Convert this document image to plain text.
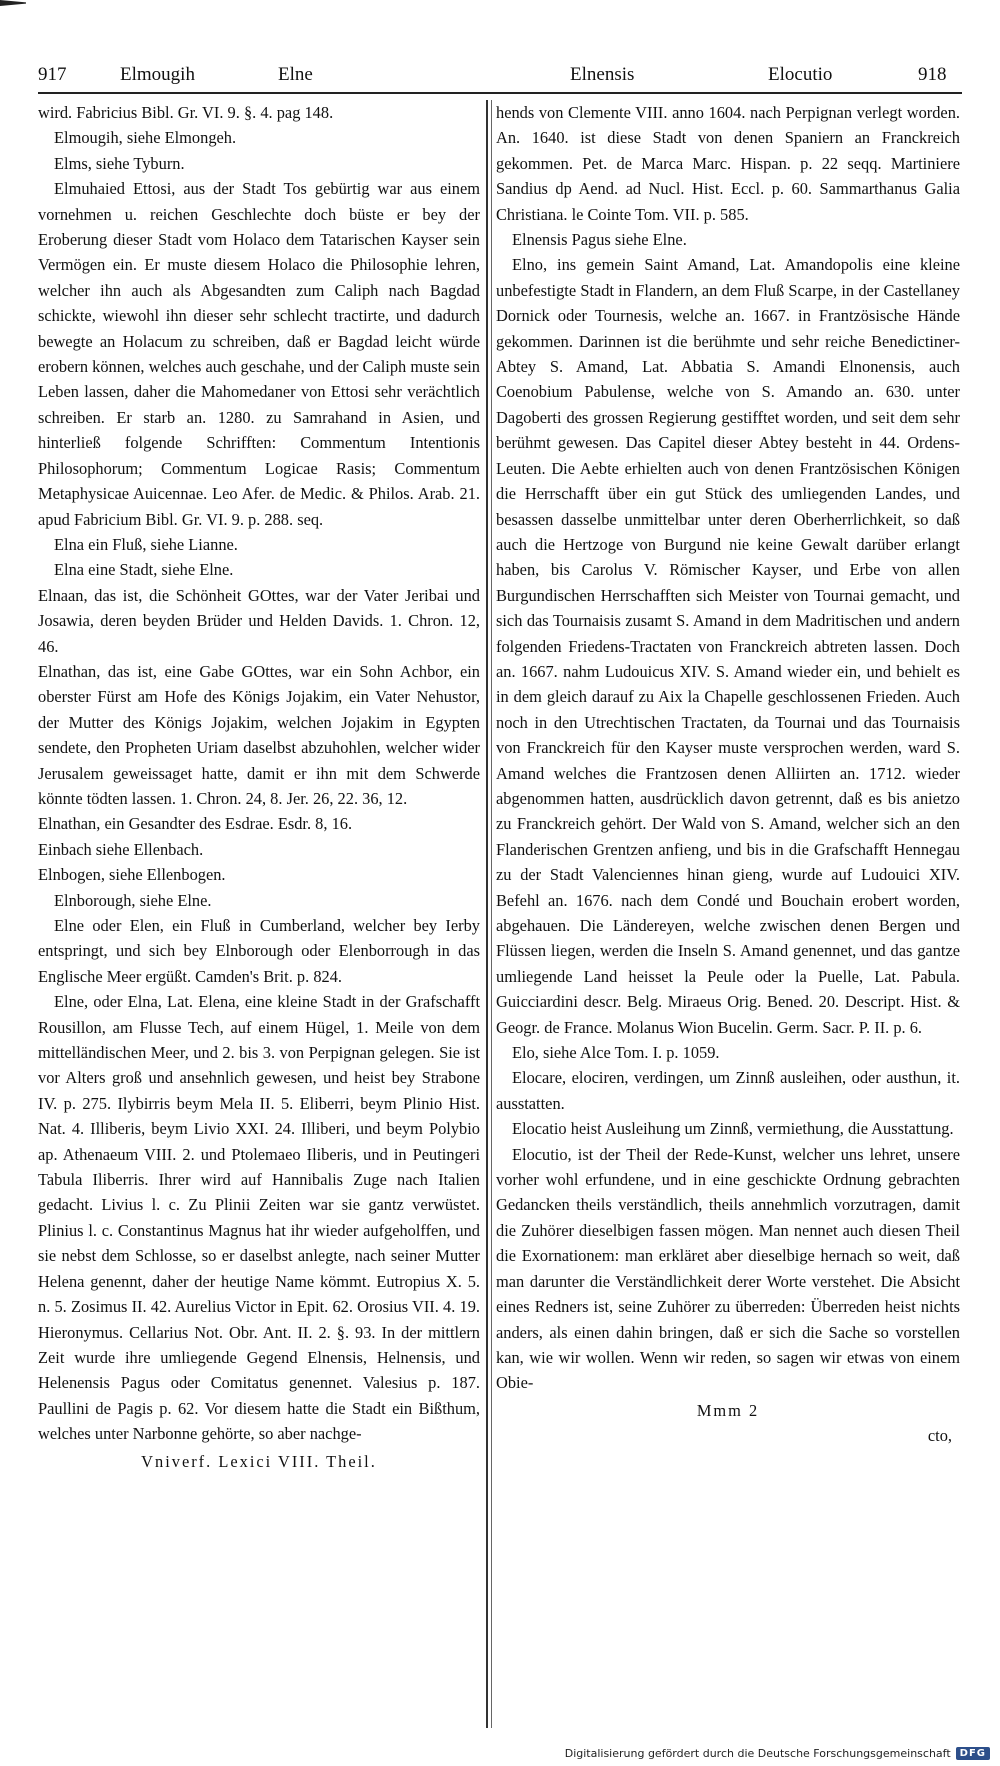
917	Elmougih	Elne	Elnensis	Elocutio	918

wird. Fabricius Bibl. Gr. VI. 9. §. 4. pag 148.

Elmougih, siehe Elmongeh.

Elms, siehe Tyburn.

Elmuhaied Ettosi, aus der Stadt Tos gebürtig war aus einem vornehmen u. reichen Geschlechte doch büste er bey der Eroberung dieser Stadt vom Holaco dem Tatarischen Kayser sein Vermögen ein. Er muste diesem Holaco die Philosophie lehren, welcher ihn auch als Abgesandten zum Caliph nach Bagdad schickte, wiewohl ihn dieser sehr schlecht tractirte, und dadurch bewegte an Holacum zu schreiben, daß er Bagdad leicht würde erobern können, welches auch geschahe, und der Caliph muste sein Leben lassen, daher die Mahomedaner von Ettosi sehr verächtlich schreiben. Er starb an. 1280. zu Samrahand in Asien, und hinterließ folgende Schrifften: Commentum Intentionis Philosophorum; Commentum Logicae Rasis; Commentum Metaphysicae Auicennae. Leo Afer. de Medic. & Philos. Arab. 21. apud Fabricium Bibl. Gr. VI. 9. p. 288. seq.

Elna ein Fluß, siehe Lianne.

Elna eine Stadt, siehe Elne.

Elnaan, das ist, die Schönheit GOttes, war der Vater Jeribai und Josawia, deren beyden Brüder und Helden Davids. 1. Chron. 12, 46.

Elnathan, das ist, eine Gabe GOttes, war ein Sohn Achbor, ein oberster Fürst am Hofe des Königs Jojakim, ein Vater Nehustor, der Mutter des Königs Jojakim, welchen Jojakim in Egypten sendete, den Propheten Uriam daselbst abzuhohlen, welcher wider Jerusalem geweissaget hatte, damit er ihn mit dem Schwerde könnte tödten lassen. 1. Chron. 24, 8. Jer. 26, 22. 36, 12.

Elnathan, ein Gesandter des Esdrae. Esdr. 8, 16.

Einbach siehe Ellenbach.

Elnbogen, siehe Ellenbogen.

Elnborough, siehe Elne.

Elne oder Elen, ein Fluß in Cumberland, welcher bey Ierby entspringt, und sich bey Elnborough oder Elenborrough in das Englische Meer ergüßt. Camden's Brit. p. 824.

Elne, oder Elna, Lat. Elena, eine kleine Stadt in der Grafschafft Rousillon, am Flusse Tech, auf einem Hügel, 1. Meile von dem mittelländischen Meer, und 2. bis 3. von Perpignan gelegen. Sie ist vor Alters groß und ansehnlich gewesen, und heist bey Strabone IV. p. 275. Ilybirris beym Mela II. 5. Eliberri, beym Plinio Hist. Nat. 4. Illiberis, beym Livio XXI. 24. Illiberi, und beym Polybio ap. Athenaeum VIII. 2. und Ptolemaeo Iliberis, und in Peutingeri Tabula Iliberris. Ihrer wird auf Hannibalis Zuge nach Italien gedacht. Livius l. c. Zu Plinii Zeiten war sie gantz verwüstet. Plinius l. c. Constantinus Magnus hat ihr wieder aufgeholffen, und sie nebst dem Schlosse, so er daselbst anlegte, nach seiner Mutter Helena genennt, daher der heutige Name kömmt. Eutropius X. 5. n. 5. Zosimus II. 42. Aurelius Victor in Epit. 62. Orosius VII. 4. 19. Hieronymus. Cellarius Not. Obr. Ant. II. 2. §. 93. In der mittlern Zeit wurde ihre umliegende Gegend Elnensis, Helnensis, und Helenensis Pagus oder Comitatus genennet. Valesius p. 187. Paullini de Pagis p. 62. Vor diesem hatte die Stadt ein Bißthum, welches unter Narbonne gehörte, so aber nachge-

Vniverf. Lexici VIII. Theil.

hends von Clemente VIII. anno 1604. nach Perpignan verlegt worden. An. 1640. ist diese Stadt von denen Spaniern an Franckreich gekommen. Pet. de Marca Marc. Hispan. p. 22 seqq. Martiniere Sandius dp Aend. ad Nucl. Hist. Eccl. p. 60. Sammarthanus Galia Christiana. le Cointe Tom. VII. p. 585.

Elnensis Pagus siehe Elne.

Elno, ins gemein Saint Amand, Lat. Amandopolis eine kleine unbefestigte Stadt in Flandern, an dem Fluß Scarpe, in der Castellaney Dornick oder Tournesis, welche an. 1667. in Frantzösische Hände gekommen. Darinnen ist die berühmte und sehr reiche Benedictiner-Abtey S. Amand, Lat. Abbatia S. Amandi Elnonensis, auch Coenobium Pabulense, welche von S. Amando an. 630. unter Dagoberti des grossen Regierung gestifftet worden, und seit dem sehr berühmt gewesen. Das Capitel dieser Abtey besteht in 44. Ordens-Leuten. Die Aebte erhielten auch von denen Frantzösischen Königen die Herrschafft über ein gut Stück des umliegenden Landes, und besassen dasselbe unmittelbar unter deren Oberherrlichkeit, so daß auch die Hertzoge von Burgund nie keine Gewalt darüber erlangt haben, bis Carolus V. Römischer Kayser, und Erbe von allen Burgundischen Herrschafften sich Meister von Tournai gemacht, und sich das Tournaisis zusamt S. Amand in dem Madritischen und andern folgenden Friedens-Tractaten von Franckreich abtreten lassen. Doch an. 1667. nahm Ludouicus XIV. S. Amand wieder ein, und behielt es in dem gleich darauf zu Aix la Chapelle geschlossenen Frieden. Auch noch in den Utrechtischen Tractaten, da Tournai und das Tournaisis von Franckreich für den Kayser muste versprochen werden, ward S. Amand welches die Frantzosen denen Alliirten an. 1712. wieder abgenommen hatten, ausdrücklich davon getrennt, daß es bis anietzo zu Franckreich gehört. Der Wald von S. Amand, welcher sich an den Flanderischen Grentzen anfieng, und bis in die Grafschafft Hennegau zu der Stadt Valenciennes hinan gieng, wurde auf Ludouici XIV. Befehl an. 1676. nach dem Condé und Bouchain erobert worden, abgehauen. Die Ländereyen, welche zwischen denen Bergen und Flüssen liegen, werden die Inseln S. Amand genennet, und das gantze umliegende Land heisset la Peule oder la Puelle, Lat. Pabula. Guicciardini descr. Belg. Miraeus Orig. Bened. 20. Descript. Hist. & Geogr. de France. Molanus Wion Bucelin. Germ. Sacr. P. II. p. 6.

Elo, siehe Alce Tom. I. p. 1059.

Elocare, elociren, verdingen, um Zinnß ausleihen, oder austhun, it. ausstatten.

Elocatio heist Ausleihung um Zinnß, vermiethung, die Ausstattung.

Elocutio, ist der Theil der Rede-Kunst, welcher uns lehret, unsere vorher wohl erfundene, und in eine geschickte Ordnung gebrachten Gedancken theils verständlich, theils annehmlich vorzutragen, damit die Zuhörer dieselbigen fassen mögen. Man nennet auch diesen Theil die Exornationem: man erkläret aber dieselbige hernach so weit, daß man darunter die Verständlichkeit derer Worte verstehet. Die Absicht eines Redners ist, seine Zuhörer zu überreden: Überreden heist nichts anders, als einen dahin bringen, daß er sich die Sache so vorstellen kan, wie wir wollen. Wenn wir reden, so sagen wir etwas von einem Obie-

Mmm 2

cto,

Digitalisierung gefördert durch die Deutsche Forschungsgemeinschaft DFG
